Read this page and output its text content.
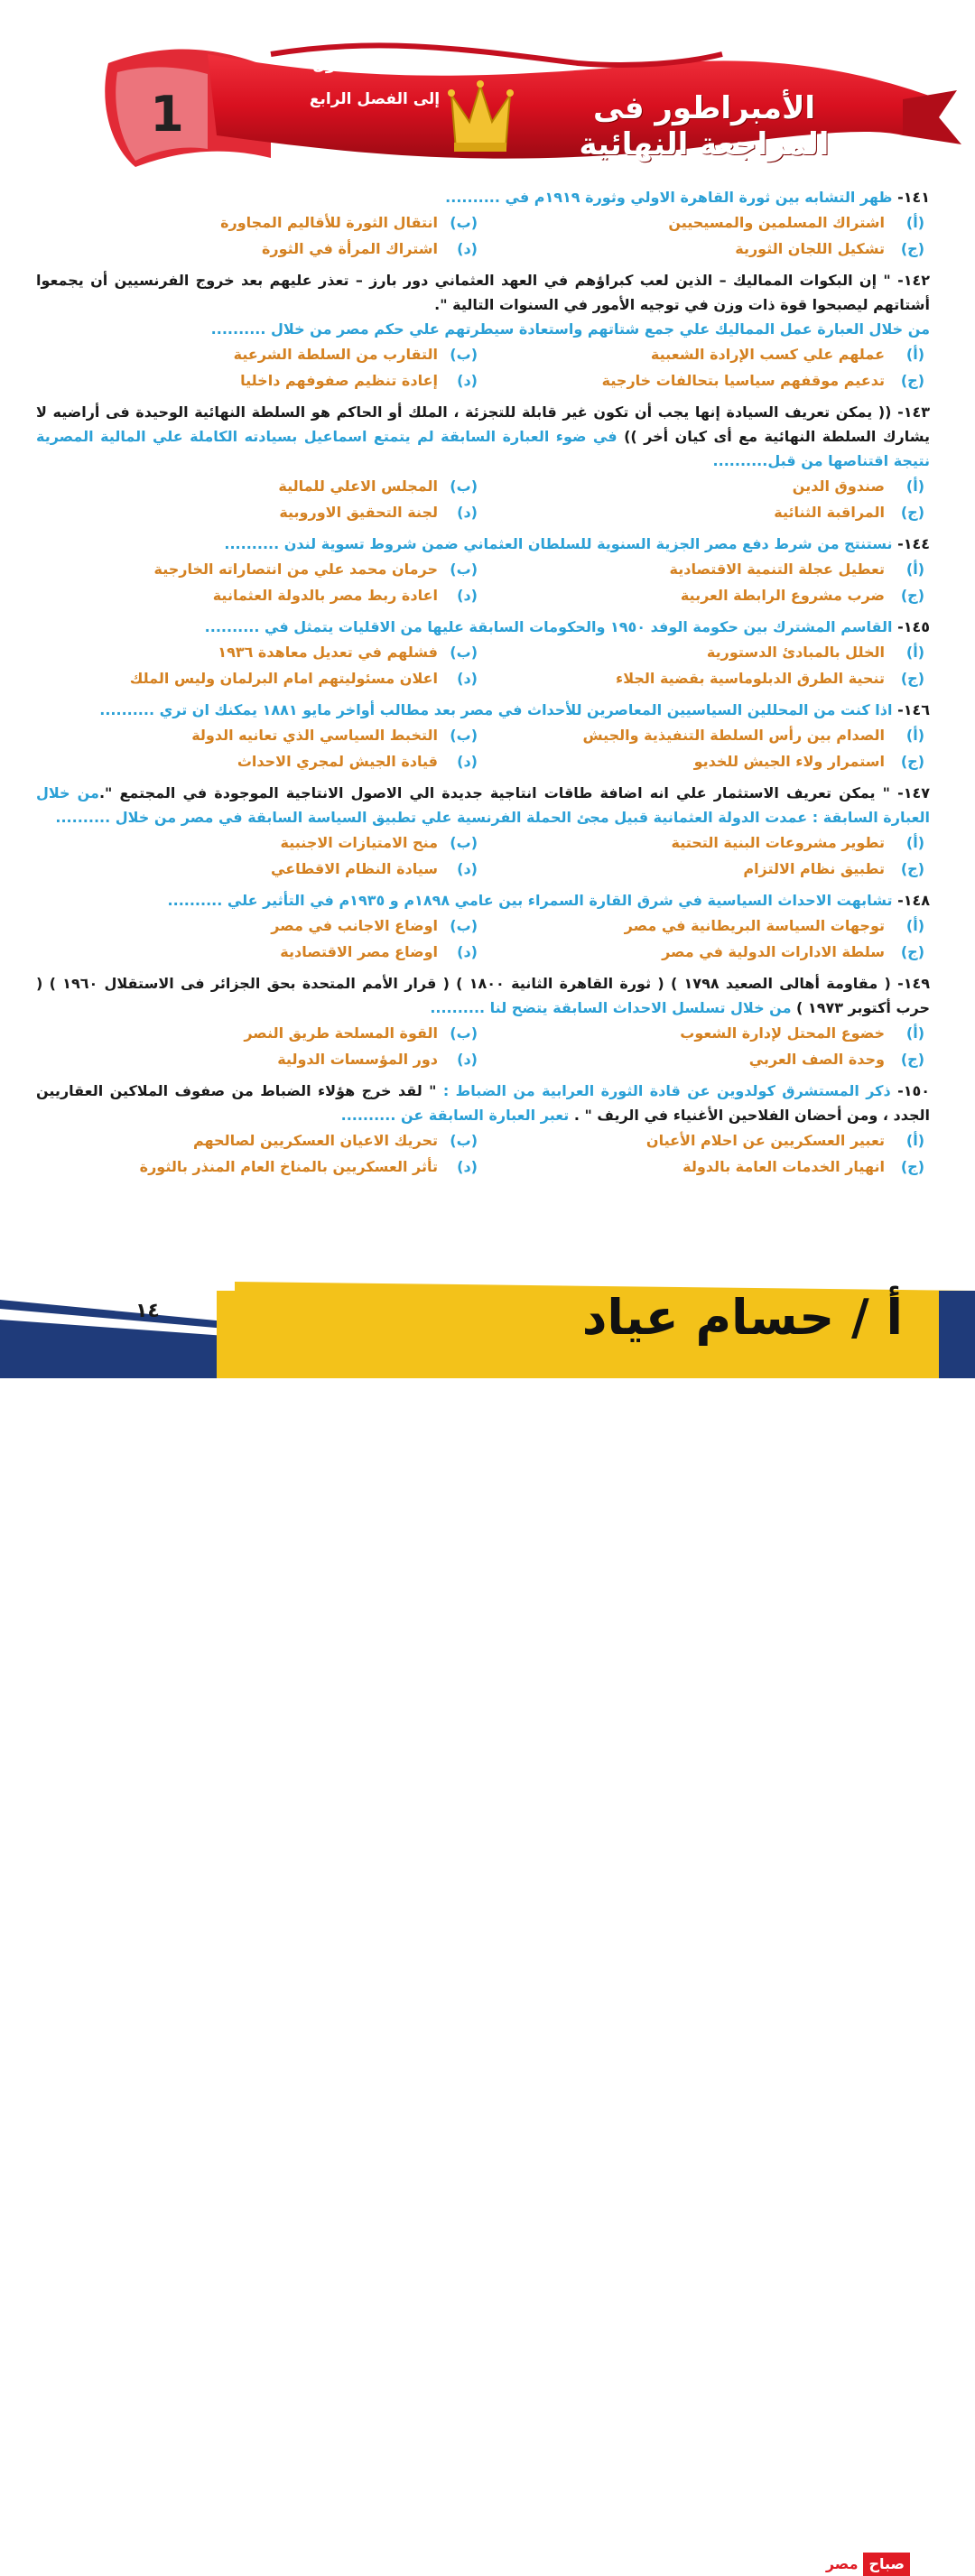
1
من الفصل الأول
إلى الفصل الرابع	الأمبراطور فى المراجعة النهائية
١٤١- ظهر التشابه بين ثورة القاهرة الاولي وثورة ١٩١٩م في ..........
(أ)
اشتراك المسلمين والمسيحيين
(ب)
انتقال الثورة للأقاليم المجاورة
(ج)
تشكيل اللجان الثورية
(د)
اشتراك المرأة في الثورة
١٤٢- " إن البكوات المماليك – الذين لعب كبراؤهم في العهد العثماني دور بارز – تعذر عليهم بعد خروج الفرنسيين أن يجمعوا أشتاتهم ليصبحوا قوة ذات وزن في توجيه الأمور في السنوات التالية ".
من خلال العبارة عمل المماليك علي جمع شتاتهم واستعادة سيطرتهم علي حكم مصر من خلال ..........
(أ)
عملهم علي كسب الإرادة الشعبية
(ب)
التقارب من السلطة الشرعية
(ج)
تدعيم موقفهم سياسيا بتحالفات خارجية
(د)
إعادة تنظيم صفوفهم داخليا
١٤٣- (( يمكن تعريف السيادة إنها يجب أن تكون غير قابلة للتجزئة ، الملك أو الحاكم هو السلطة النهائية الوحيدة فى أراضيه لا يشارك السلطة النهائية مع أى كيان أخر )) في ضوء العبارة السابقة لم يتمتع اسماعيل بسيادته الكاملة علي المالية المصرية نتيجة اقتناصها من قبل..........
(أ)
صندوق الدين
(ب)
المجلس الاعلي للمالية
(ج)
المراقبة الثنائية
(د)
لجنة التحقيق الاوروبية
١٤٤- نستنتج من شرط دفع مصر الجزية السنوية للسلطان العثماني ضمن شروط تسوية لندن ..........
(أ)
تعطيل عجلة التنمية الاقتصادية
(ب)
حرمان محمد علي من انتصاراته الخارجية
(ج)
ضرب مشروع الرابطة العربية
(د)
اعادة ربط مصر بالدولة العثمانية
١٤٥- القاسم المشترك بين حكومة الوفد ١٩٥٠ والحكومات السابقة عليها من الاقليات يتمثل في ..........
(أ)
الخلل بالمبادئ الدستورية
(ب)
فشلهم في تعديل معاهدة ١٩٣٦
(ج)
تنحية الطرق الدبلوماسية بقضية الجلاء
(د)
اعلان مسئوليتهم امام البرلمان وليس الملك
١٤٦- اذا كنت من المحللين السياسيين المعاصرين للأحداث في مصر بعد مطالب أواخر مايو ١٨٨١ يمكنك ان تري ..........
(أ)
الصدام بين رأس السلطة التنفيذية والجيش
(ب)
التخبط السياسي الذي تعانيه الدولة
(ج)
استمرار ولاء الجيش للخديو
(د)
قيادة الجيش لمجري الاحداث
١٤٧- " يمكن تعريف الاستثمار علي انه اضافة طاقات انتاجية جديدة الي الاصول الانتاجية الموجودة في المجتمع ".من خلال العبارة السابقة : عمدت الدولة العثمانية قبيل مجئ الحملة الفرنسية علي تطبيق السياسة السابقة في مصر من خلال ..........
(أ)
تطوير مشروعات البنية التحتية
(ب)
منح الامتيازات الاجنبية
(ج)
تطبيق نظام الالتزام
(د)
سيادة النظام الاقطاعي
١٤٨- تشابهت الاحداث السياسية في شرق القارة السمراء بين عامي ١٨٩٨م و ١٩٣٥م في التأثير علي ..........
(أ)
توجهات السياسة البريطانية في مصر
(ب)
اوضاع الاجانب في مصر
(ج)
سلطة الادارات الدولية في مصر
(د)
اوضاع مصر الاقتصادية
١٤٩- ( مقاومة أهالى الصعيد ١٧٩٨ ) ( ثورة القاهرة الثانية ١٨٠٠ ) ( قرار الأمم المتحدة بحق الجزائر فى الاستقلال ١٩٦٠ ) ( حرب أكتوبر ١٩٧٣ ) من خلال تسلسل الاحداث السابقة يتضح لنا ..........
(أ)
خضوع المحتل لإدارة الشعوب
(ب)
القوة المسلحة طريق النصر
(ج)
وحدة الصف العربي
(د)
دور المؤسسات الدولية
١٥٠- ذكر المستشرق كولدوين عن قادة الثورة العرابية من الضباط : " لقد خرج هؤلاء الضباط من صفوف الملاكين العقاريين الجدد ، ومن أحضان الفلاحين الأغنياء في الريف " . تعبر العبارة السابقة عن ..........
(أ)
تعبير العسكريين عن احلام الأعيان
(ب)
تحريك الاعيان العسكريين لصالحهم
(ج)
انهيار الخدمات العامة بالدولة
(د)
تأثر العسكريين بالمناخ العام المنذر بالثورة
صباح
مصر
١٤	أ / حسام عياد
